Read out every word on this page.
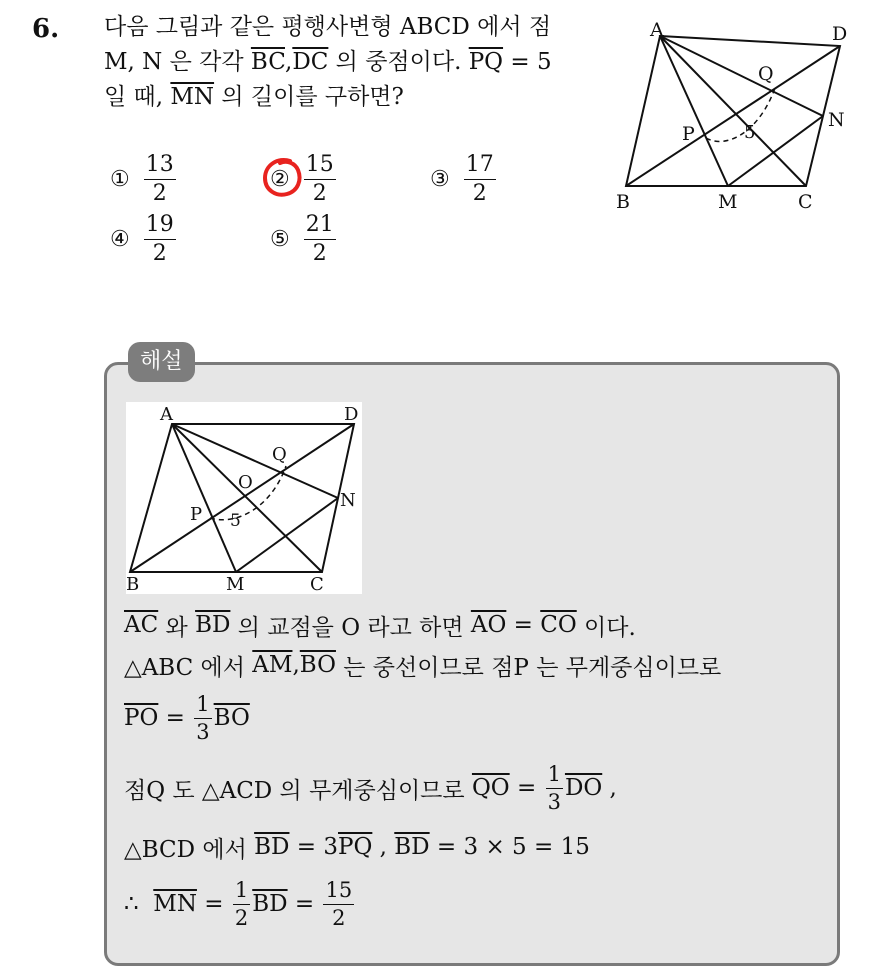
6. 다음 그림과 같은 평행사변형 ABCD 에서 점
M, N 은 각각 $\overline{BC},\overline{DC}$ 의 중점이다. $\overline{PQ} = 5$
일 때, $\overline{MN}$ 의 길이를 구하면?
① $\frac{13}{2}$	② $\frac{15}{2}$	③ $\frac{17}{2}$
④ $\frac{19}{2}$	⑤ $\frac{21}{2}$
A	D
Q
P
N
5
B	M	C
해설
A	D
Q
O
P
N
5
B	M	C
$\overline{AC}$ 와 $\overline{BD}$ 의 교점을 O 라고 하면 $\overline{AO} = \overline{CO}$ 이다.
△ABC 에서 $\overline{AM}$ , $\overline{BO}$ 는 중선이므로 점P 는 무게중심이므로
$\overline{PO} = \frac{1}{3} \overline{BO}$
점Q 도 △ACD 의 무게중심이므로 $\overline{QO} = \frac{1}{3} \overline{DO}$ ,
△BCD 에서 $\overline{BD} = 3$ $\overline{PQ}$ , $\overline{BD} = 3 \times 5 = 15$
∴ $\overline{MN} = \frac{1}{2} \overline{BD} = \frac{15}{2}$
